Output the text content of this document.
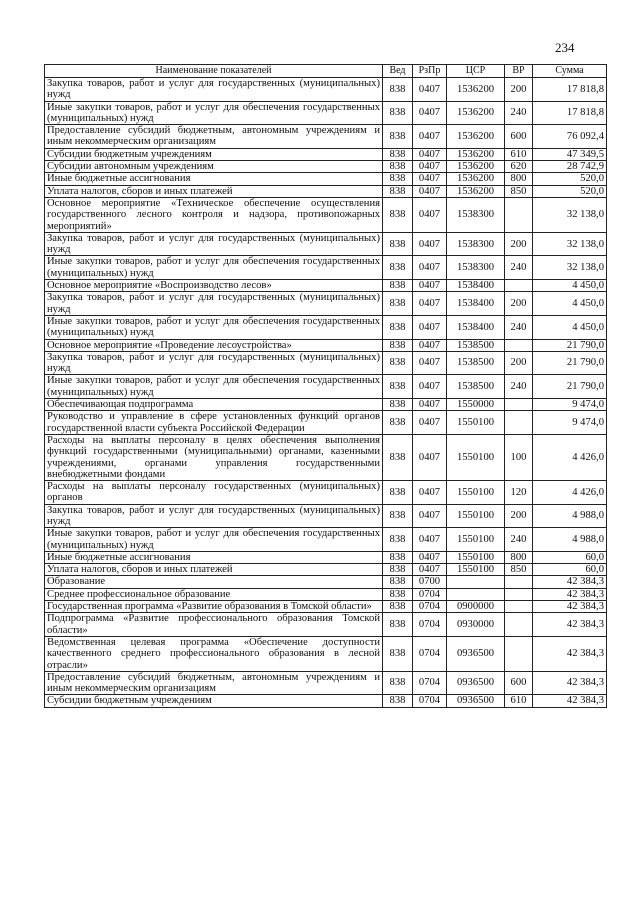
234
Наименование показателей	Вед	РзПр	ЦСР	ВР	Сумма
Закупка товаров, работ и услуг для государственных (муниципальных) нужд	838	0407	1536200	200	17 818,8
Иные закупки товаров, работ и услуг для обеспечения государственных (муниципальных) нужд	838	0407	1536200	240	17 818,8
Предоставление субсидий бюджетным, автономным учреждениям и иным некоммерческим организациям	838	0407	1536200	600	76 092,4
Субсидии бюджетным учреждениям	838	0407	1536200	610	47 349,5
Субсидии автономным учреждениям	838	0407	1536200	620	28 742,9
Иные бюджетные ассигнования	838	0407	1536200	800	520,0
Уплата налогов, сборов и иных платежей	838	0407	1536200	850	520,0
Основное мероприятие «Техническое обеспечение осуществления государственного лесного контроля и надзора, противопожарных мероприятий»	838	0407	1538300		32 138,0
Закупка товаров, работ и услуг для государственных (муниципальных) нужд	838	0407	1538300	200	32 138,0
Иные закупки товаров, работ и услуг для обеспечения государственных (муниципальных) нужд	838	0407	1538300	240	32 138,0
Основное мероприятие «Воспроизводство лесов»	838	0407	1538400		4 450,0
Закупка товаров, работ и услуг для государственных (муниципальных) нужд	838	0407	1538400	200	4 450,0
Иные закупки товаров, работ и услуг для обеспечения государственных (муниципальных) нужд	838	0407	1538400	240	4 450,0
Основное мероприятие «Проведение лесоустройства»	838	0407	1538500		21 790,0
Закупка товаров, работ и услуг для государственных (муниципальных) нужд	838	0407	1538500	200	21 790,0
Иные закупки товаров, работ и услуг для обеспечения государственных (муниципальных) нужд	838	0407	1538500	240	21 790,0
Обеспечивающая подпрограмма	838	0407	1550000		9 474,0
Руководство и управление в сфере установленных функций органов государственной власти субъекта Российской Федерации	838	0407	1550100		9 474,0
Расходы на выплаты персоналу в целях обеспечения выполнения функций государственными (муниципальными) органами, казенными учреждениями, органами управления государственными внебюджетными фондами	838	0407	1550100	100	4 426,0
Расходы на выплаты персоналу государственных (муниципальных) органов	838	0407	1550100	120	4 426,0
Закупка товаров, работ и услуг для государственных (муниципальных) нужд	838	0407	1550100	200	4 988,0
Иные закупки товаров, работ и услуг для обеспечения государственных (муниципальных) нужд	838	0407	1550100	240	4 988,0
Иные бюджетные ассигнования	838	0407	1550100	800	60,0
Уплата налогов, сборов и иных платежей	838	0407	1550100	850	60,0
Образование	838	0700			42 384,3
Среднее профессиональное образование	838	0704			42 384,3
Государственная программа «Развитие образования в Томской области»	838	0704	0900000		42 384,3
Подпрограмма «Развитие профессионального образования Томской области»	838	0704	0930000		42 384,3
Ведомственная целевая программа «Обеспечение доступности качественного среднего профессионального образования в лесной отрасли»	838	0704	0936500		42 384,3
Предоставление субсидий бюджетным, автономным учреждениям и иным некоммерческим организациям	838	0704	0936500	600	42 384,3
Субсидии бюджетным учреждениям	838	0704	0936500	610	42 384,3
